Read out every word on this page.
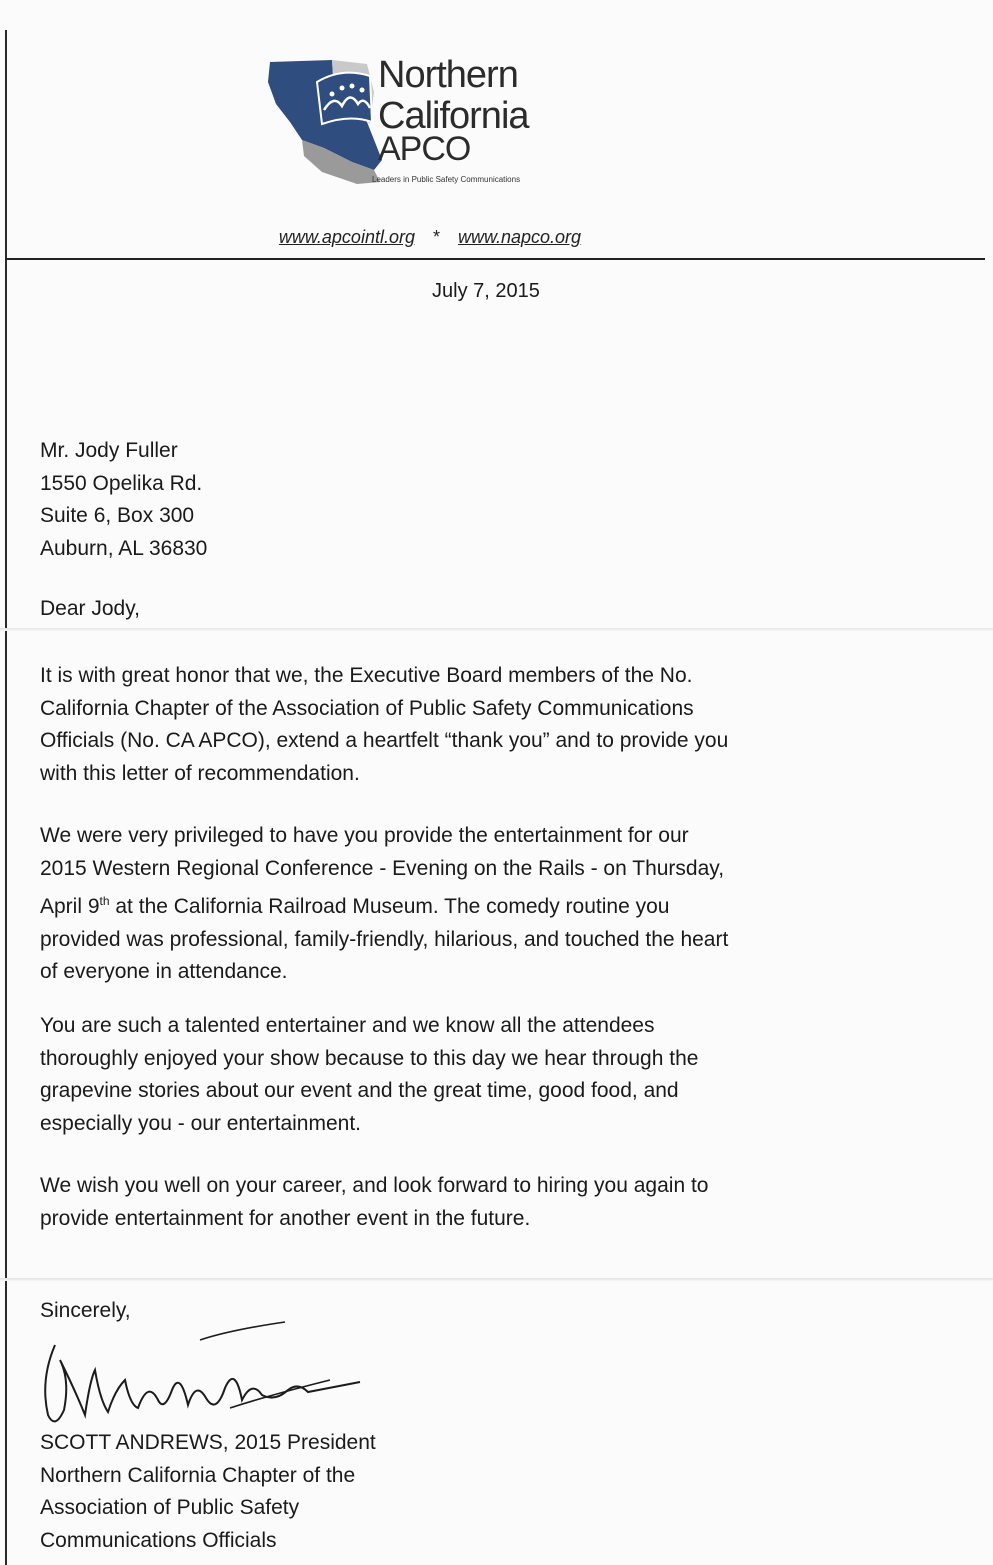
Northern
California
APCO
Leaders in Public Safety Communications
www.apcointl.org * www.napco.org
July 7, 2015
Mr. Jody Fuller
1550 Opelika Rd.
Suite 6, Box 300
Auburn, AL 36830
Dear Jody,
It is with great honor that we, the Executive Board members of the No.
California Chapter of the Association of Public Safety Communications
Officials (No. CA APCO), extend a heartfelt “thank you” and to provide you
with this letter of recommendation.
We were very privileged to have you provide the entertainment for our
2015 Western Regional Conference - Evening on the Rails - on Thursday,
April 9th at the California Railroad Museum. The comedy routine you
provided was professional, family-friendly, hilarious, and touched the heart
of everyone in attendance.
You are such a talented entertainer and we know all the attendees
thoroughly enjoyed your show because to this day we hear through the
grapevine stories about our event and the great time, good food, and
especially you - our entertainment.
We wish you well on your career, and look forward to hiring you again to
provide entertainment for another event in the future.
Sincerely,
SCOTT ANDREWS, 2015 President
Northern California Chapter of the
Association of Public Safety
Communications Officials
